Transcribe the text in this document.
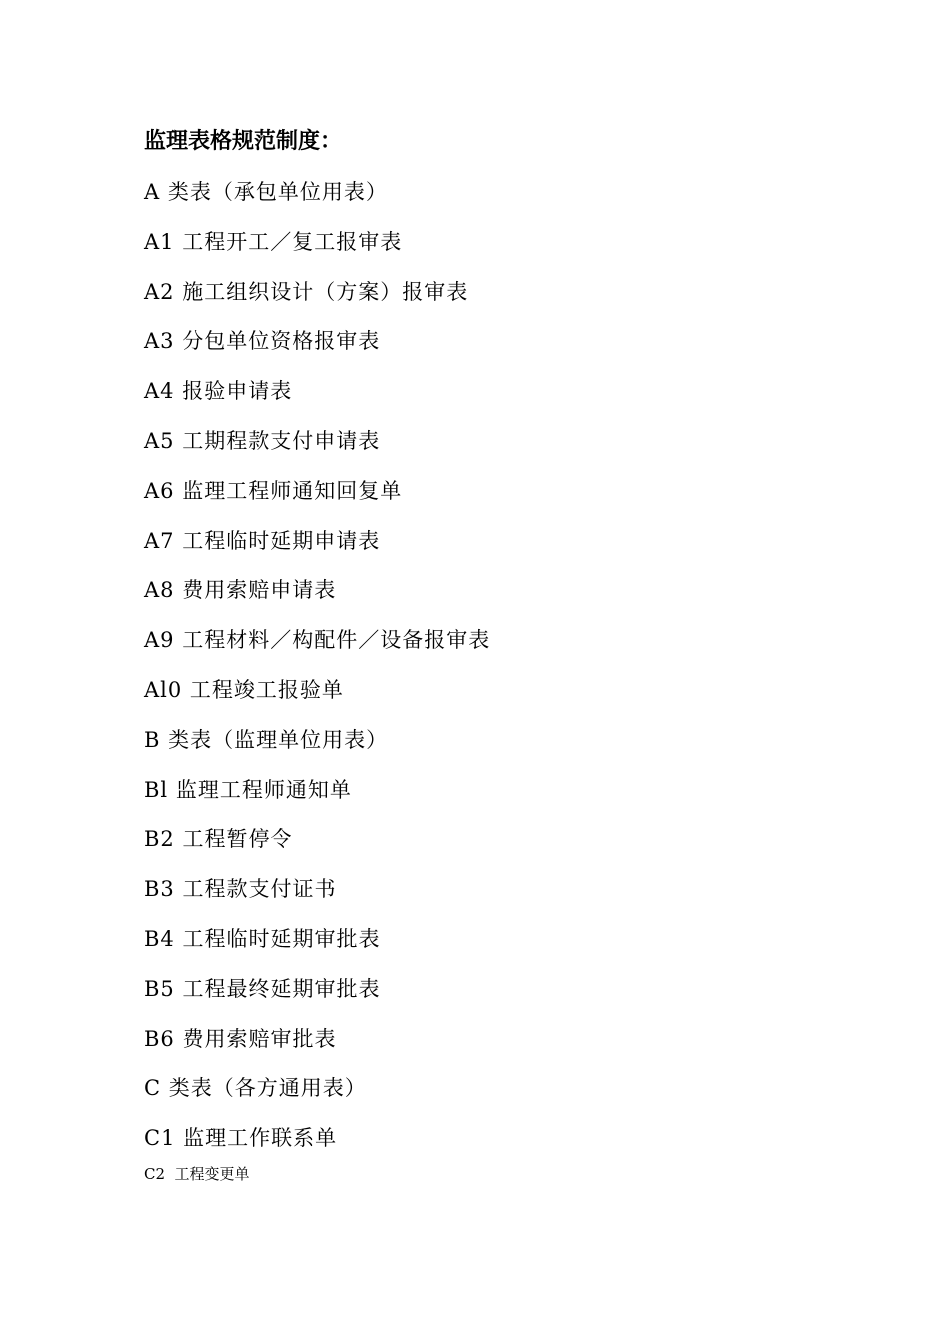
监理表格规范制度：
A 类表（承包单位用表）
A1 工程开工／复工报审表
A2 施工组织设计（方案）报审表
A3 分包单位资格报审表
A4 报验申请表
A5 工期程款支付申请表
A6 监理工程师通知回复单
A7 工程临时延期申请表
A8 费用索赔申请表
A9 工程材料／构配件／设备报审表
Al0 工程竣工报验单
B 类表（监理单位用表）
Bl 监理工程师通知单
B2 工程暂停令
B3 工程款支付证书
B4 工程临时延期审批表
B5 工程最终延期审批表
B6 费用索赔审批表
C 类表（各方通用表）
C1 监理工作联系单
C2  工程变更单
